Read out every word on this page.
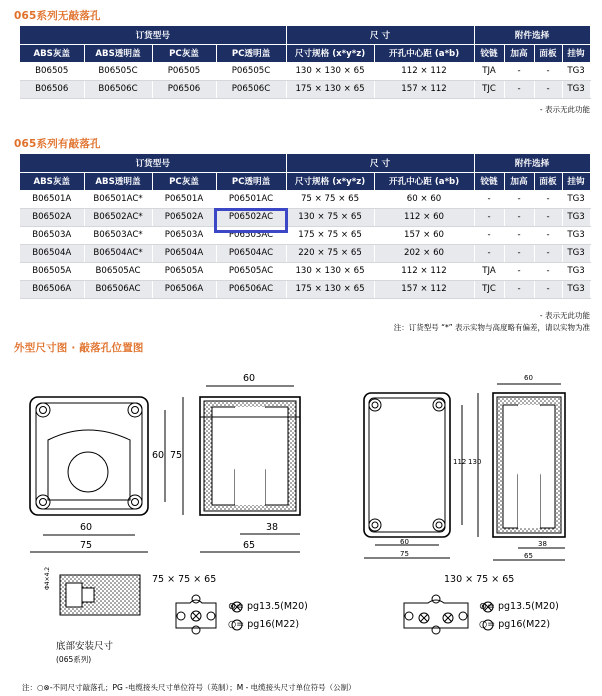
065系列无敲落孔
订货型号				尺 寸		附件选择			
ABS灰盖	ABS透明盖	PC灰盖	PC透明盖	尺寸规格 (x*y*z)	开孔中心距 (a*b)	铰链	加高	面板	挂钩
B06505	B06505C	P06505	P06505C	130 × 130 × 65	112 × 112	TJA	-	-	TG3
B06506	B06506C	P06506	P06506C	175 × 130 × 65	157 × 112	TJC	-	-	TG3
- 表示无此功能
065系列有敲落孔
订货型号				尺 寸		附件选择			
ABS灰盖	ABS透明盖	PC灰盖	PC透明盖	尺寸规格 (x*y*z)	开孔中心距 (a*b)	铰链	加高	面板	挂钩
B06501A	B06501AC*	P06501A	P06501AC	75 × 75 × 65	60 × 60	-	-	-	TG3
B06502A	B06502AC*	P06502A	P06502AC	130 × 75 × 65	112 × 60	-	-	-	TG3
B06503A	B06503AC*	P06503A	P06503AC	175 × 75 × 65	157 × 60	-	-	-	TG3
B06504A	B06504AC*	P06504A	P06504AC	220 × 75 × 65	202 × 60	-	-	-	TG3
B06505A	B06505AC	P06505A	P06505AC	130 × 130 × 65	112 × 112	TJA	-	-	TG3
B06506A	B06506AC	P06506A	P06506AC	175 × 130 × 65	157 × 112	TJC	-	-	TG3
- 表示无此功能
注：订货型号 “*” 表示实物与高度略有偏差，请以实物为准
外型尺寸图 · 敲落孔位置图
60
75
60 75
60
38
65
60
112 130
60
75
38
65
Φ4×4.2	75 × 75 × 65	130 × 75 × 65
⊗= pg13.5(M20)
○= pg16(M22)
⊗= pg13.5(M20)
○= pg16(M22)
底部安装尺寸
(065系列)
注：○⊗-不同尺寸敲落孔；PG -电缆接头尺寸单位符号（英制）；M - 电缆接头尺寸单位符号（公制）
